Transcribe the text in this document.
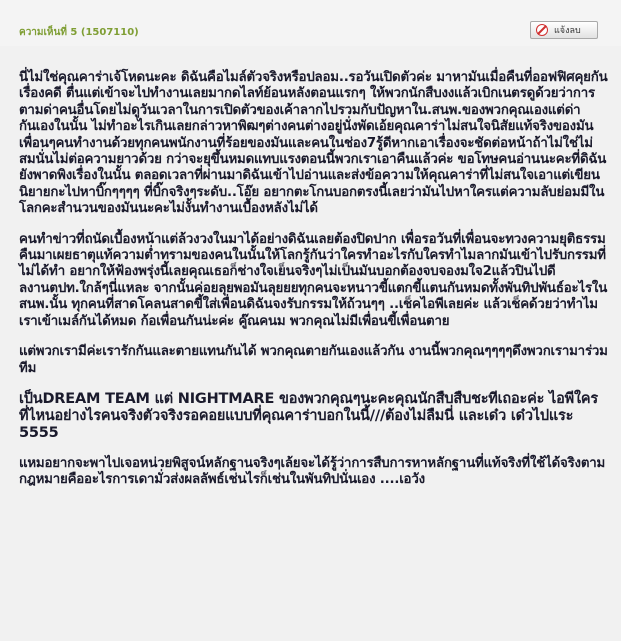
ความเห็นที่ 5 (1507110)	แจ้งลบ

นี่ไม่ใช่คุณคาร่าเจ้โหดนะคะ ดิฉันคือไมล์ตัวจริงหรือปลอม..รอวันเปิดตัวค่ะ มาหามันเมื่อคืนที่ออฟฟิศคุยกันเรื่องคดี ตื่นแต่เข้าจะไปทำงานเลยมากดไลท์ย้อนหลังตอนแรกๆ ให้พวกนักสืบงงแล้วเบิกเนตรดูด้วยว่าการตามด่าคนอื่นโดยไม่ดูวันเวลาในการเปิดตัวของเค้าลากไปรวมกับปัญหาใน.สนพ.ของพวกคุณเองแต่ด่ากันเองในนั้น ไม่ทำอะไรเกินเลยกล่าวหาพิฒๆต่างคนต่างอยู่นั่งพัดเอ้ยคุณคาร่าไม่สนใจนิสัยแท้จริงของมันเพื่อนๆคนทำงานด้วยทุกคนพนักงานที่ร้อยของมันและคนในช่อง7รู้ดีหากเอาเรื่องจะชัดต่อหน้าถ้าไม่ใช่ไม่สมนั่นไม่ต่อความยาวด้วย กว่าจะยุขึ้นหมดแทบแรงตอนนี้พวกเราเอาคืนแล้วค่ะ ขอโทษคนอ่านนะคะที่ดิฉันยังพาดพิงเรื่องในนั้น ตลอดเวลาที่ผ่านมาดิฉันเข้าไปอ่านและส่งข้อความให้คุณคาร่าที่ไม่สนใจเอาแต่เขียนนิยายกะไปหาบิ๊กๆๆๆๆ ที่บิ๊กจริงๆระดับ..โอ๊ย อยากตะโกนบอกตรงนี้เลยว่ามันไปหาใครแต่ความลับย่อมมีในโลกคะสำนวนของมันนะคะไม่งั้นทำงานเบื้องหลังไม่ได้

คนทำข่าวที่ถนัดเบื้องหน้าแต่ล้วงวงในมาได้อย่างดิฉันเลยต้องปิดปาก เพื่อรอวันที่เพื่อนจะทวงความยุติธรรมคืนมาเผยธาตุแท้ความต่ำทรามของคนในนั้นให้โลกรู้กันว่าใครทำอะไรกับใครทำไมลากมันเข้าไปรับกรรมที่ไม่ได้ทำ อยากให้ฟ้องพรุ่งนี้เลยคุณเธอก็ช่างใจเย็นจริงๆไม่เป็นมันบอกต้องจบจองมใจ2แล้วปินไปดีลงานตปท.ใกล้ๆนี่แหละ จากนั้นค่อยลุยพอมันลุยยยทุกคนจะหนาวขี้แตกขี้แตนกันหมดทั้งพันทิปพันธ์อะไรในสนพ.นั้น ทุกคนที่สาดโคลนสาดขี้ใส่เพื่อนดิฉันจงรับกรรมให้ถ้วนๆๆ ..เช็คไอพีเลยค่ะ แล้วเช็คด้วยว่าทำไมเราเข้าเมล์กันได้หมด ก้อเพื่อนกันน่ะค่ะ คู๊ณคนม พวกคุณไม่มีเพื่อนขี้เพื่อนตาย

แต่พวกเรามีค่ะเรารักกันและตายแทนกันได้ พวกคุณตายกันเองแล้วกัน งานนี้พวกคุณๆๆๆๆดึงพวกเรามาร่วมทีม

เป็นDREAM TEAM แต่ NIGHTMARE ของพวกคุณๆนะคะคุณนักสืบสืบชะทีเถอะค่ะ ไอพีใครที่ไหนอย่างไรคนจริงตัวจริงรอคอยแบบที่คุณคาร่าบอกในนี้///ต้องไม่ลืมนี่ และเด๋ว เด๋วไปแระ 5555

แหมอยากจะพาไปเจอหน่วยพิสูจน์หลักฐานจริงๆเล้ยจะได้รู้ว่าการสืบการหาหลักฐานที่แท้จริงที่ใช้ได้จริงตามกฎหมายคืออะไรการเดามั่วส่งผลลัพธ์เช่นไรก็เช่นในพันทิปนั่นเอง ....เอวัง
